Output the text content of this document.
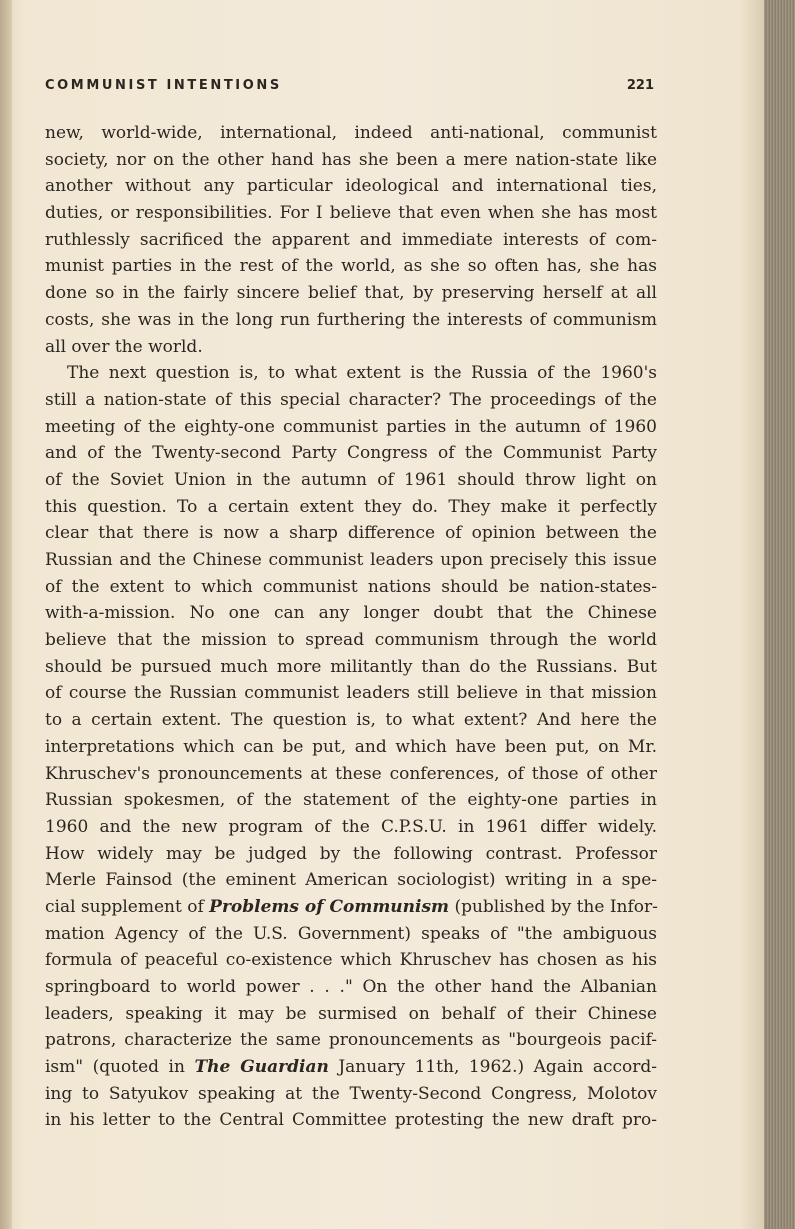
COMMUNIST INTENTIONS	221
new, world-wide, international, indeed anti-national, communist
society, nor on the other hand has she been a mere nation-state like
another without any particular ideological and international ties,
duties, or responsibilities. For I believe that even when she has most
ruthlessly sacrificed the apparent and immediate interests of com-
munist parties in the rest of the world, as she so often has, she has
done so in the fairly sincere belief that, by preserving herself at all
costs, she was in the long run furthering the interests of communism
all over the world.
The next question is, to what extent is the Russia of the 1960's
still a nation-state of this special character? The proceedings of the
meeting of the eighty-one communist parties in the autumn of 1960
and of the Twenty-second Party Congress of the Communist Party
of the Soviet Union in the autumn of 1961 should throw light on
this question. To a certain extent they do. They make it perfectly
clear that there is now a sharp difference of opinion between the
Russian and the Chinese communist leaders upon precisely this issue
of the extent to which communist nations should be nation-states-
with-a-mission. No one can any longer doubt that the Chinese
believe that the mission to spread communism through the world
should be pursued much more militantly than do the Russians. But
of course the Russian communist leaders still believe in that mission
to a certain extent. The question is, to what extent? And here the
interpretations which can be put, and which have been put, on Mr.
Khruschev's pronouncements at these conferences, of those of other
Russian spokesmen, of the statement of the eighty-one parties in
1960 and the new program of the C.P.S.U. in 1961 differ widely.
How widely may be judged by the following contrast. Professor
Merle Fainsod (the eminent American sociologist) writing in a spe-
cial supplement of Problems of Communism (published by the Infor-
mation Agency of the U.S. Government) speaks of "the ambiguous
formula of peaceful co-existence which Khruschev has chosen as his
springboard to world power . . ." On the other hand the Albanian
leaders, speaking it may be surmised on behalf of their Chinese
patrons, characterize the same pronouncements as "bourgeois pacif-
ism" (quoted in The Guardian January 11th, 1962.) Again accord-
ing to Satyukov speaking at the Twenty-Second Congress, Molotov
in his letter to the Central Committee protesting the new draft pro-
